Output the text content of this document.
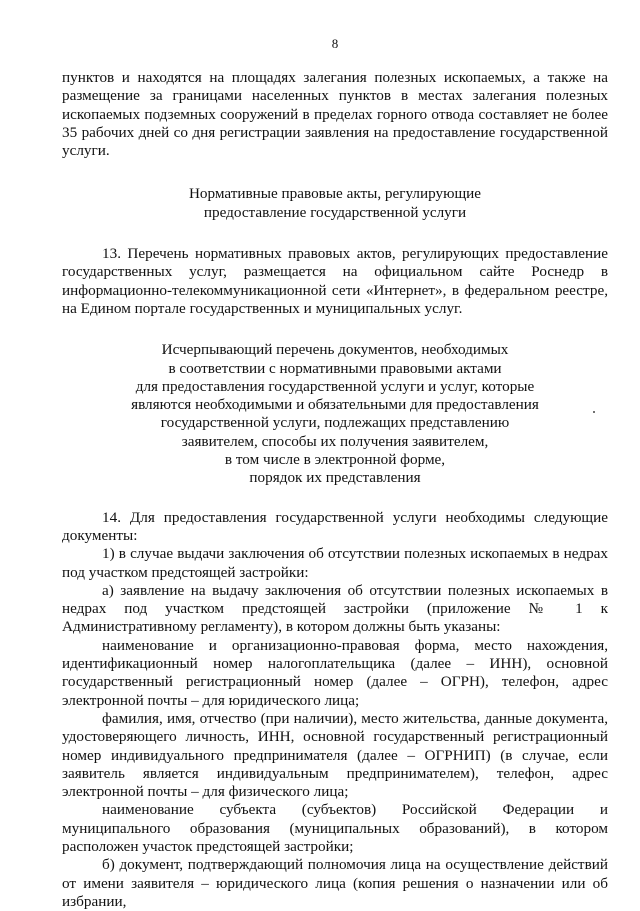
8

пунктов и находятся на площадях залегания полезных ископаемых, а также на размещение за границами населенных пунктов в местах залегания полезных ископаемых подземных сооружений в пределах горного отвода составляет не более 35 рабочих дней со дня регистрации заявления на предоставление государственной услуги.

Нормативные правовые акты, регулирующие
предоставление государственной услуги

13. Перечень нормативных правовых актов, регулирующих предоставление государственных услуг, размещается на официальном сайте Роснедр в информационно-телекоммуникационной сети «Интернет», в федеральном реестре, на Едином портале государственных и муниципальных услуг.

Исчерпывающий перечень документов, необходимых
в соответствии с нормативными правовыми актами
для предоставления государственной услуги и услуг, которые
являются необходимыми и обязательными для предоставления
государственной услуги, подлежащих представлению
заявителем, способы их получения заявителем,
в том числе в электронной форме,
порядок их представления

14. Для предоставления государственной услуги необходимы следующие документы:

1) в случае выдачи заключения об отсутствии полезных ископаемых в недрах под участком предстоящей застройки:

а) заявление на выдачу заключения об отсутствии полезных ископаемых в недрах под участком предстоящей застройки (приложение № 1 к Административному регламенту), в котором должны быть указаны:

наименование и организационно-правовая форма, место нахождения, идентификационный номер налогоплательщика (далее – ИНН), основной государственный регистрационный номер (далее – ОГРН), телефон, адрес электронной почты – для юридического лица;

фамилия, имя, отчество (при наличии), место жительства, данные документа, удостоверяющего личность, ИНН, основной государственный регистрационный номер индивидуального предпринимателя (далее – ОГРНИП) (в случае, если заявитель является индивидуальным предпринимателем), телефон, адрес электронной почты – для физического лица;

наименование субъекта (субъектов) Российской Федерации и муниципального образования (муниципальных образований), в котором расположен участок предстоящей застройки;

б) документ, подтверждающий полномочия лица на осуществление действий от имени заявителя – юридического лица (копия решения о назначении или об избрании,
